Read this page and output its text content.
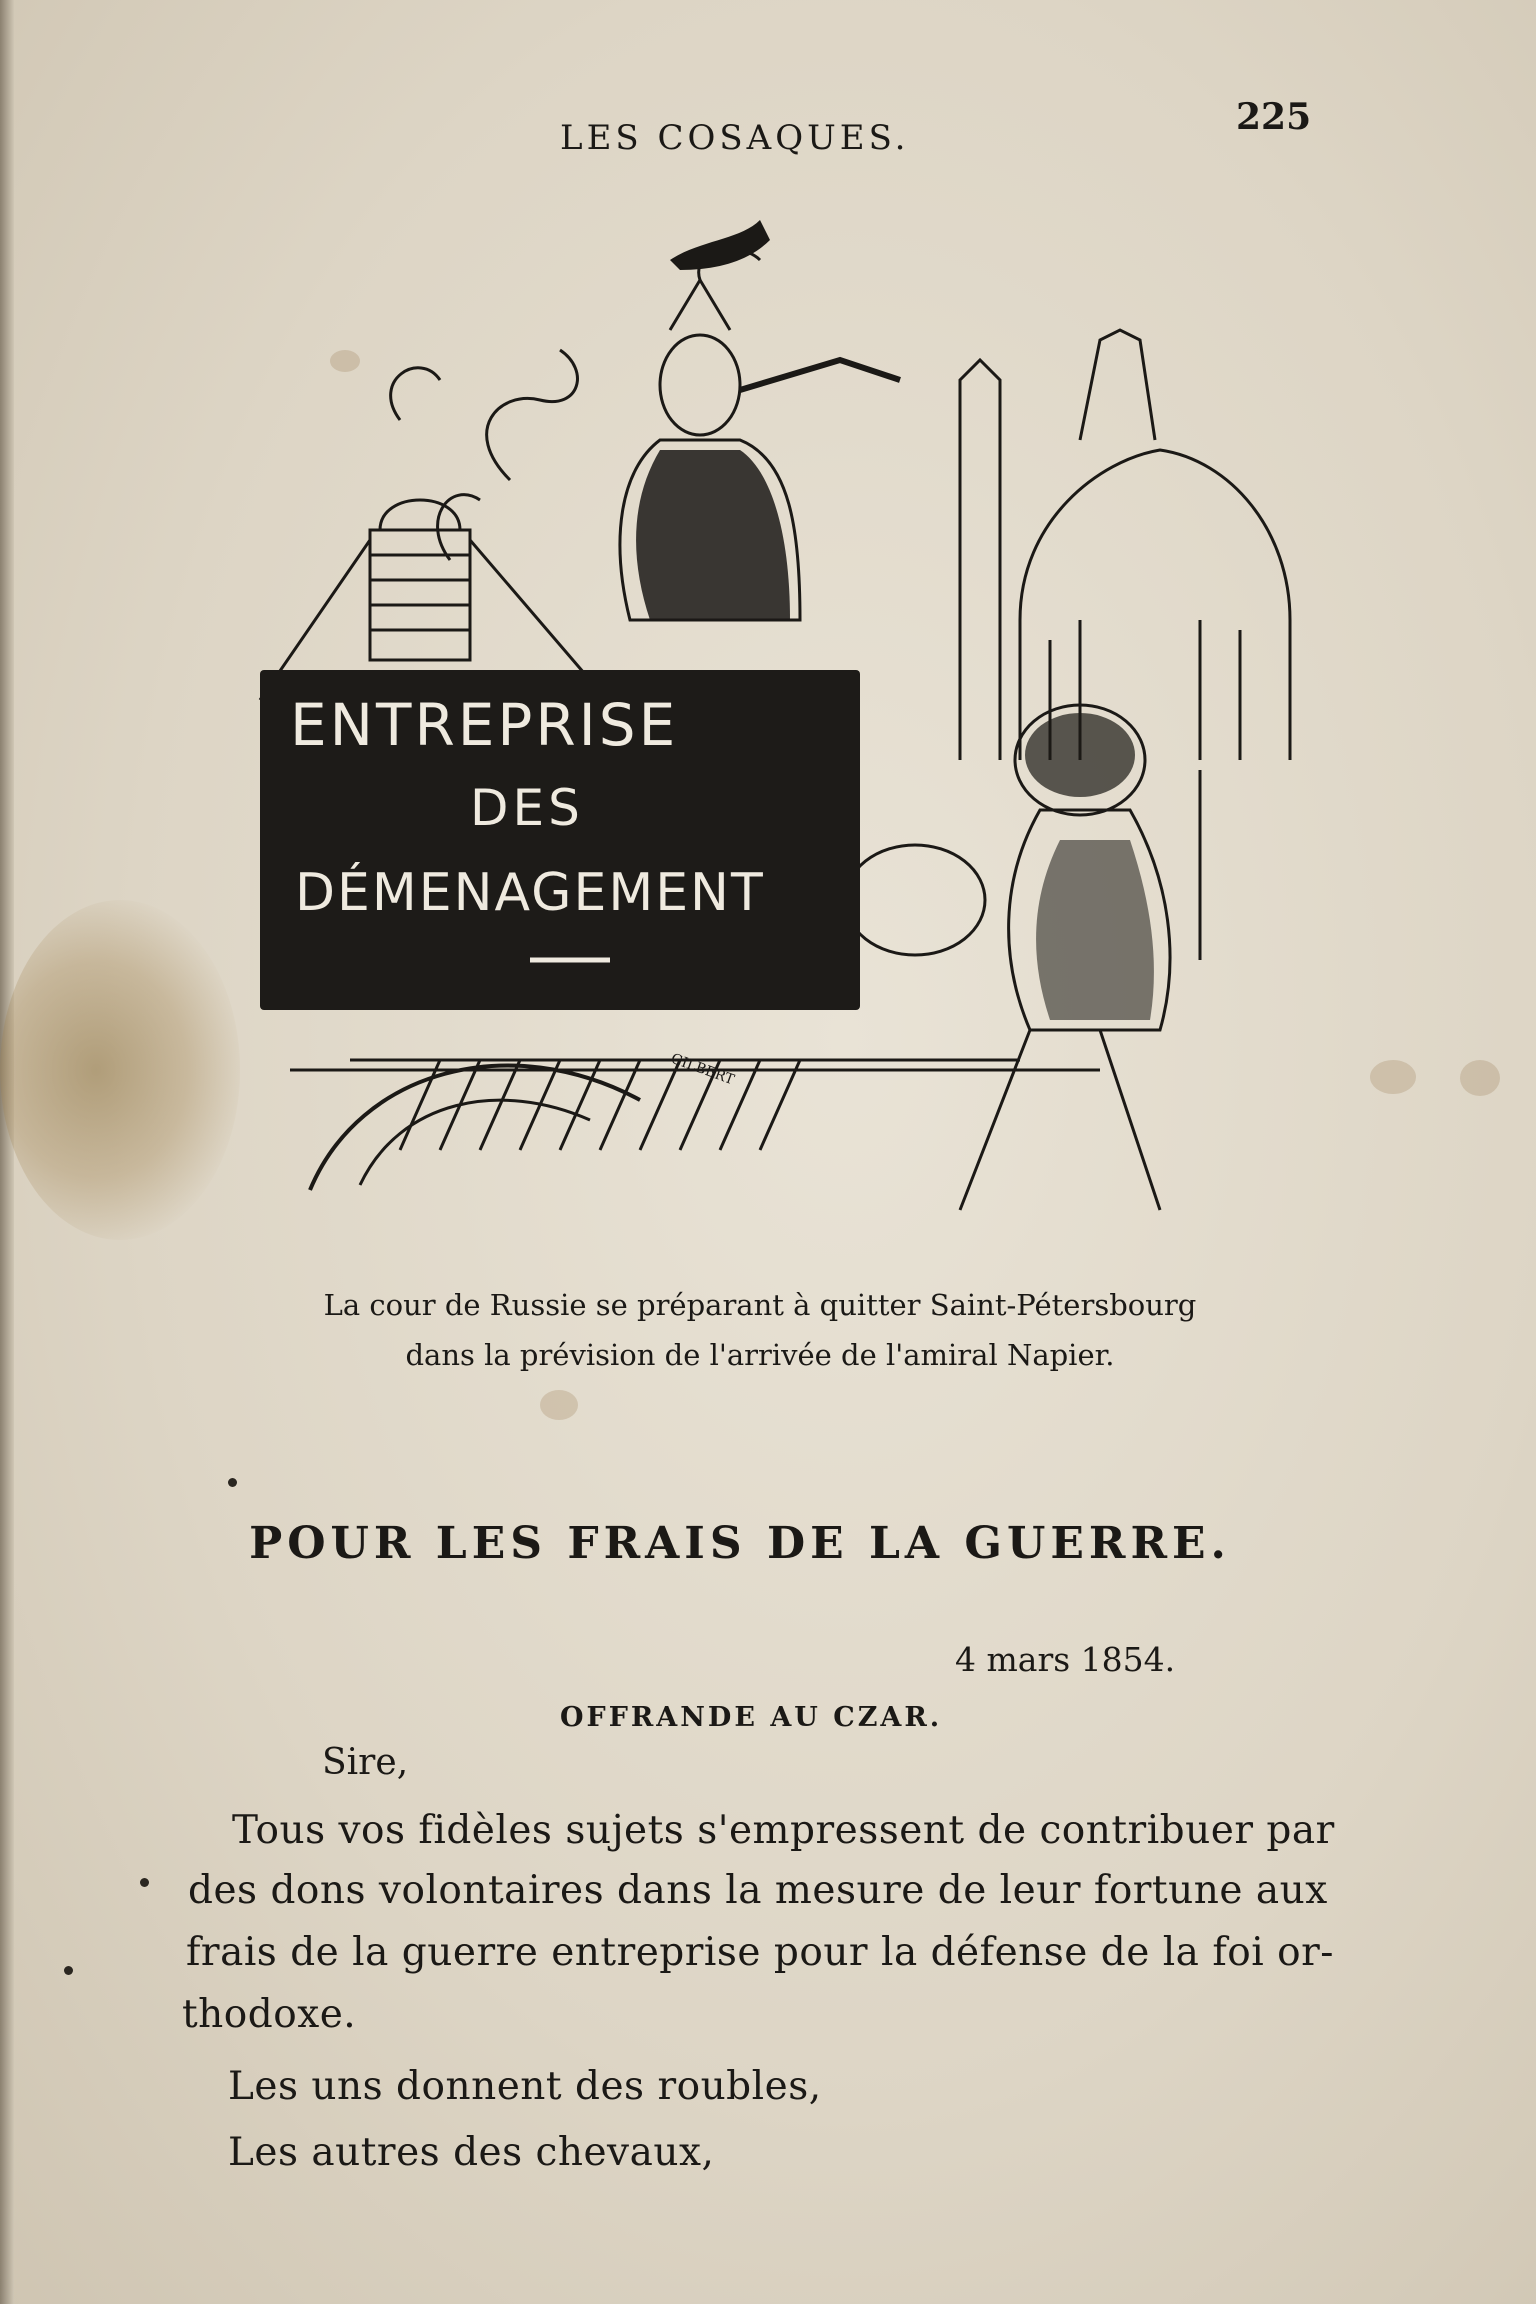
LES COSAQUES.	225
ENTREPRISE
DES
DÉMENAGEMENT
GILBERT
La cour de Russie se préparant à quitter Saint-Pétersbourg
dans la prévision de l'arrivée de l'amiral Napier.
POUR LES FRAIS DE LA GUERRE.
4 mars 1854.
OFFRANDE AU CZAR.
Sire,
Tous vos fidèles sujets s'empressent de contribuer par
des dons volontaires dans la mesure de leur fortune aux
frais de la guerre entreprise pour la défense de la foi or-
thodoxe.
Les uns donnent des roubles,
Les autres des chevaux,
